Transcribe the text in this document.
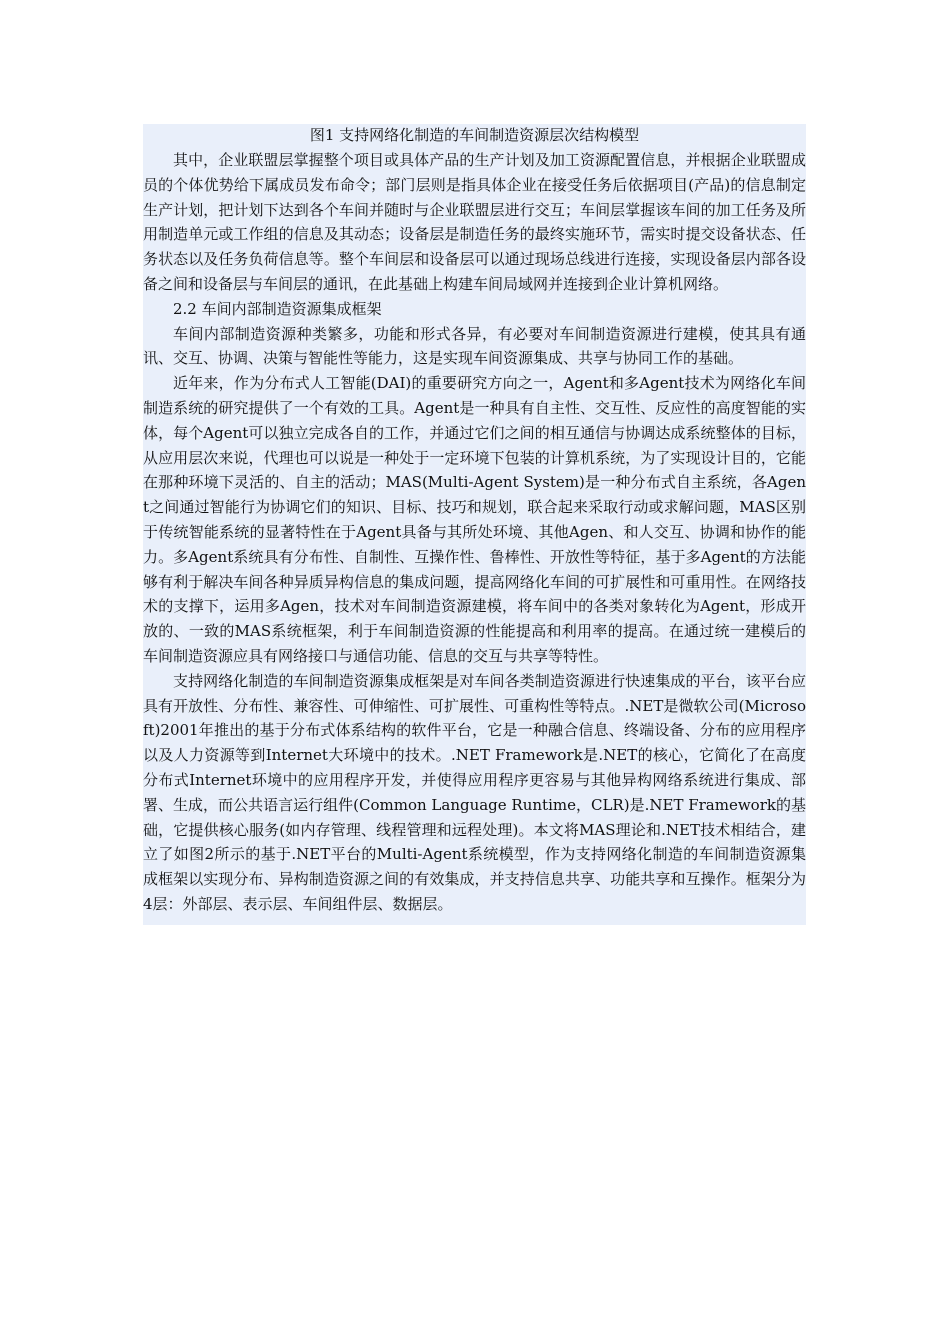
图1 支持网络化制造的车间制造资源层次结构模型

其中，企业联盟层掌握整个项目或具体产品的生产计划及加工资源配置信息，并根据企业联盟成员的个体优势给下属成员发布命令；部门层则是指具体企业在接受任务后依据项目(产品)的信息制定生产计划，把计划下达到各个车间并随时与企业联盟层进行交互；车间层掌握该车间的加工任务及所用制造单元或工作组的信息及其动态；设备层是制造任务的最终实施环节，需实时提交设备状态、任务状态以及任务负荷信息等。整个车间层和设备层可以通过现场总线进行连接，实现设备层内部各设备之间和设备层与车间层的通讯，在此基础上构建车间局域网并连接到企业计算机网络。

2.2 车间内部制造资源集成框架

车间内部制造资源种类繁多，功能和形式各异，有必要对车间制造资源进行建模，使其具有通讯、交互、协调、决策与智能性等能力，这是实现车间资源集成、共享与协同工作的基础。

近年来，作为分布式人工智能(DAI)的重要研究方向之一，Agent和多Agent技术为网络化车间制造系统的研究提供了一个有效的工具。Agent是一种具有自主性、交互性、反应性的高度智能的实体，每个Agent可以独立完成各自的工作，并通过它们之间的相互通信与协调达成系统整体的目标，从应用层次来说，代理也可以说是一种处于一定环境下包装的计算机系统，为了实现设计目的，它能在那种环境下灵活的、自主的活动；MAS(Multi-Agent System)是一种分布式自主系统，各Agent之间通过智能行为协调它们的知识、目标、技巧和规划，联合起来采取行动或求解问题，MAS区别于传统智能系统的显著特性在于Agent具备与其所处环境、其他Agen、和人交互、协调和协作的能力。多Agent系统具有分布性、自制性、互操作性、鲁棒性、开放性等特征，基于多Agent的方法能够有利于解决车间各种异质异构信息的集成问题，提高网络化车间的可扩展性和可重用性。在网络技术的支撑下，运用多Agen，技术对车间制造资源建模，将车间中的各类对象转化为Agent，形成开放的、一致的MAS系统框架，利于车间制造资源的性能提高和利用率的提高。在通过统一建模后的车间制造资源应具有网络接口与通信功能、信息的交互与共享等特性。

支持网络化制造的车间制造资源集成框架是对车间各类制造资源进行快速集成的平台，该平台应具有开放性、分布性、兼容性、可伸缩性、可扩展性、可重构性等特点。.NET是微软公司(Microsoft)2001年推出的基于分布式体系结构的软件平台，它是一种融合信息、终端设备、分布的应用程序以及人力资源等到Internet大环境中的技术。.NET Framework是.NET的核心，它简化了在高度分布式Internet环境中的应用程序开发，并使得应用程序更容易与其他异构网络系统进行集成、部署、生成，而公共语言运行组件(Common Language Runtime，CLR)是.NET Framework的基础，它提供核心服务(如内存管理、线程管理和远程处理)。本文将MAS理论和.NET技术相结合，建立了如图2所示的基于.NET平台的Multi-Agent系统模型，作为支持网络化制造的车间制造资源集成框架以实现分布、异构制造资源之间的有效集成，并支持信息共享、功能共享和互操作。框架分为4层：外部层、表示层、车间组件层、数据层。
